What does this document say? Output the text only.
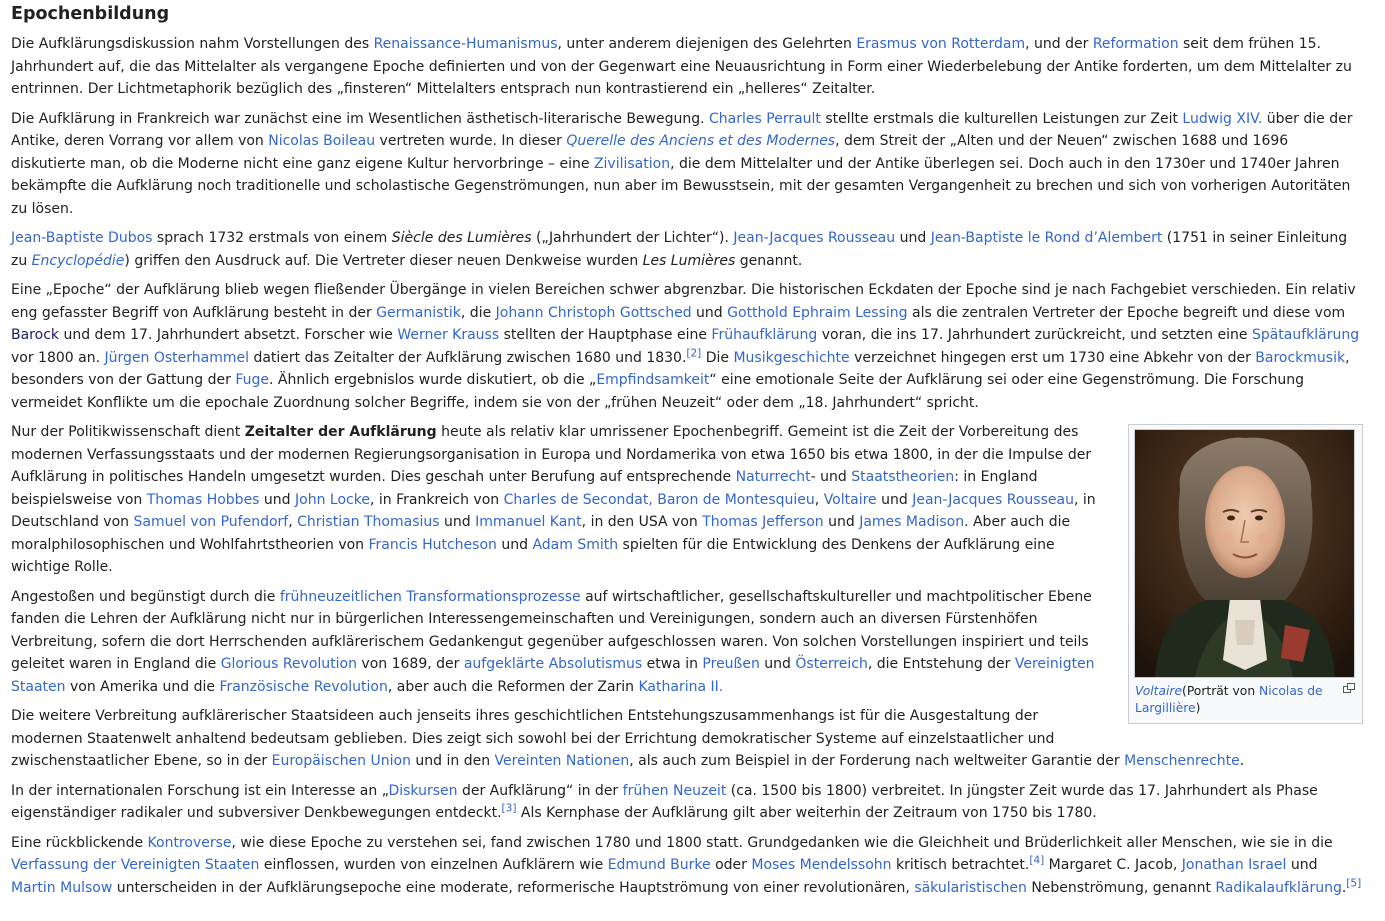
Epochenbildung

Die Aufklärungsdiskussion nahm Vorstellungen des Renaissance-Humanismus, unter anderem diejenigen des Gelehrten Erasmus von Rotterdam, und der Reformation seit dem frühen 15. Jahrhundert auf, die das Mittelalter als vergangene Epoche definierten und von der Gegenwart eine Neuausrichtung in Form einer Wiederbelebung der Antike forderten, um dem Mittelalter zu entrinnen. Der Lichtmetaphorik bezüglich des „finsteren“ Mittelalters entsprach nun kontrastierend ein „helleres“ Zeitalter.

Die Aufklärung in Frankreich war zunächst eine im Wesentlichen ästhetisch-literarische Bewegung. Charles Perrault stellte erstmals die kulturellen Leistungen zur Zeit Ludwig XIV. über die der Antike, deren Vorrang vor allem von Nicolas Boileau vertreten wurde. In dieser Querelle des Anciens et des Modernes, dem Streit der „Alten und der Neuen“ zwischen 1688 und 1696 diskutierte man, ob die Moderne nicht eine ganz eigene Kultur hervorbringe – eine Zivilisation, die dem Mittelalter und der Antike überlegen sei. Doch auch in den 1730er und 1740er Jahren bekämpfte die Aufklärung noch traditionelle und scholastische Gegenströmungen, nun aber im Bewusstsein, mit der gesamten Vergangenheit zu brechen und sich von vorherigen Autoritäten zu lösen.

Jean-Baptiste Dubos sprach 1732 erstmals von einem Siècle des Lumières („Jahrhundert der Lichter“). Jean-Jacques Rousseau und Jean-Baptiste le Rond d’Alembert (1751 in seiner Einleitung zu Encyclopédie) griffen den Ausdruck auf. Die Vertreter dieser neuen Denkweise wurden Les Lumières genannt.

Eine „Epoche“ der Aufklärung blieb wegen fließender Übergänge in vielen Bereichen schwer abgrenzbar. Die historischen Eckdaten der Epoche sind je nach Fachgebiet verschieden. Ein relativ eng gefasster Begriff von Aufklärung besteht in der Germanistik, die Johann Christoph Gottsched und Gotthold Ephraim Lessing als die zentralen Vertreter der Epoche begreift und diese vom Barock und dem 17. Jahrhundert absetzt. Forscher wie Werner Krauss stellten der Hauptphase eine Frühaufklärung voran, die ins 17. Jahrhundert zurückreicht, und setzten eine Spätaufklärung vor 1800 an. Jürgen Osterhammel datiert das Zeitalter der Aufklärung zwischen 1680 und 1830.[2] Die Musikgeschichte verzeichnet hingegen erst um 1730 eine Abkehr von der Barockmusik, besonders von der Gattung der Fuge. Ähnlich ergebnislos wurde diskutiert, ob die „Empfindsamkeit“ eine emotionale Seite der Aufklärung sei oder eine Gegenströmung. Die Forschung vermeidet Konflikte um die epochale Zuordnung solcher Begriffe, indem sie von der „frühen Neuzeit“ oder dem „18. Jahrhundert“ spricht.

Voltaire(Porträt von Nicolas de Largillière)

Nur der Politikwissenschaft dient Zeitalter der Aufklärung heute als relativ klar umrissener Epochenbegriff. Gemeint ist die Zeit der Vorbereitung des modernen Verfassungsstaats und der modernen Regierungsorganisation in Europa und Nordamerika von etwa 1650 bis etwa 1800, in der die Impulse der Aufklärung in politisches Handeln umgesetzt wurden. Dies geschah unter Berufung auf entsprechende Naturrecht- und Staatstheorien: in England beispielsweise von Thomas Hobbes und John Locke, in Frankreich von Charles de Secondat, Baron de Montesquieu, Voltaire und Jean-Jacques Rousseau, in Deutschland von Samuel von Pufendorf, Christian Thomasius und Immanuel Kant, in den USA von Thomas Jefferson und James Madison. Aber auch die moralphilosophischen und Wohlfahrtstheorien von Francis Hutcheson und Adam Smith spielten für die Entwicklung des Denkens der Aufklärung eine wichtige Rolle.

Angestoßen und begünstigt durch die frühneuzeitlichen Transformationsprozesse auf wirtschaftlicher, gesellschaftskultureller und machtpolitischer Ebene fanden die Lehren der Aufklärung nicht nur in bürgerlichen Interessengemeinschaften und Vereinigungen, sondern auch an diversen Fürstenhöfen Verbreitung, sofern die dort Herrschenden aufklärerischem Gedankengut gegenüber aufgeschlossen waren. Von solchen Vorstellungen inspiriert und teils geleitet waren in England die Glorious Revolution von 1689, der aufgeklärte Absolutismus etwa in Preußen und Österreich, die Entstehung der Vereinigten Staaten von Amerika und die Französische Revolution, aber auch die Reformen der Zarin Katharina II.

Die weitere Verbreitung aufklärerischer Staatsideen auch jenseits ihres geschichtlichen Entstehungszusammenhangs ist für die Ausgestaltung der modernen Staatenwelt anhaltend bedeutsam geblieben. Dies zeigt sich sowohl bei der Errichtung demokratischer Systeme auf einzelstaatlicher und zwischenstaatlicher Ebene, so in der Europäischen Union und in den Vereinten Nationen, als auch zum Beispiel in der Forderung nach weltweiter Garantie der Menschenrechte.

In der internationalen Forschung ist ein Interesse an „Diskursen der Aufklärung“ in der frühen Neuzeit (ca. 1500 bis 1800) verbreitet. In jüngster Zeit wurde das 17. Jahrhundert als Phase eigenständiger radikaler und subversiver Denkbewegungen entdeckt.[3] Als Kernphase der Aufklärung gilt aber weiterhin der Zeitraum von 1750 bis 1780.

Eine rückblickende Kontroverse, wie diese Epoche zu verstehen sei, fand zwischen 1780 und 1800 statt. Grundgedanken wie die Gleichheit und Brüderlichkeit aller Menschen, wie sie in die Verfassung der Vereinigten Staaten einflossen, wurden von einzelnen Aufklärern wie Edmund Burke oder Moses Mendelssohn kritisch betrachtet.[4] Margaret C. Jacob, Jonathan Israel und Martin Mulsow unterscheiden in der Aufklärungsepoche eine moderate, reformerische Hauptströmung von einer revolutionären, säkularistischen Nebenströmung, genannt Radikalaufklärung.[5]
